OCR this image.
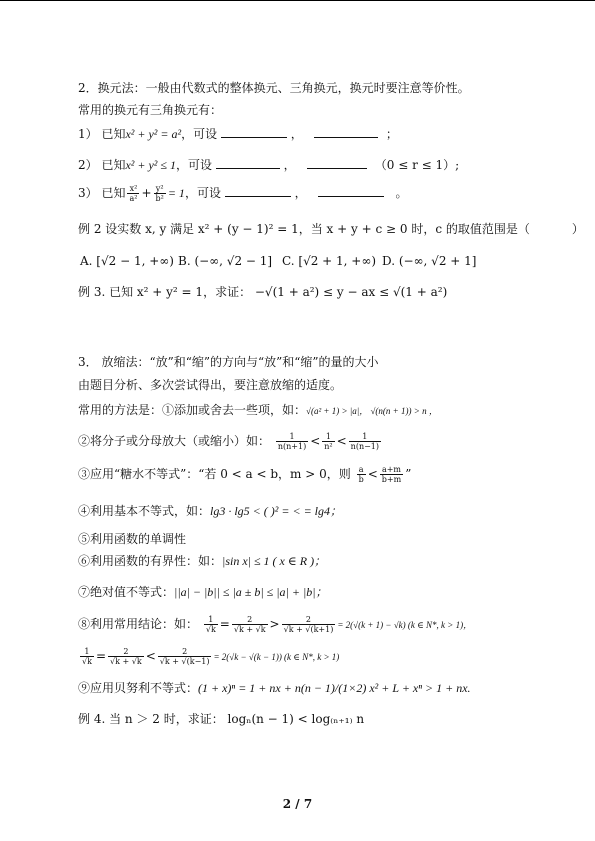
2．换元法：一般由代数式的整体换元、三角换元，换元时要注意等价性。
常用的换元有三角换元有：
1） 已知x² + y² = a²，可设	，	；
2） 已知x² + y² ≤ 1，可设	，	（0 ≤ r ≤ 1）;
3） 已知 $\frac{\text{x²}}{\text{a²}} + \frac{\text{y²}}{\text{b²}} = 1$，可设	，	。
例 2 设实数 x, y 满足 x² + (y − 1)² = 1，当 x + y + c ≥ 0 时，c 的取值范围是（	）
A. [√2 − 1, +∞) B. (−∞, √2 − 1] C. [√2 + 1, +∞) D. (−∞, √2 + 1]
例 3. 已知 x² + y² = 1，求证： −√(1 + a²) ≤ y − ax ≤ √(1 + a²)
3． 放缩法：“放”和“缩”的方向与“放”和“缩”的量的大小
由题目分析、多次尝试得出，要注意放缩的适度。
常用的方法是：①添加或舍去一些项，如：√(a² + 1) > |a|， √(n(n + 1)) > n ，
②将分子或分母放大（或缩小）如： $\frac{1}{n(n+1)} < \frac{1}{\text{n²}} < \frac{1}{n(n-1)}$
③应用“糖水不等式”：“若 0 < a < b，m > 0，则 $\frac{a}{b} < \frac{a+m}{b+m}$ ”
④利用基本不等式，如：lg3 · lg5 < ( )² = < = lg4；
⑤利用函数的单调性
⑥利用函数的有界性：如：|sin x| ≤ 1 ( x ∈ R )；
⑦绝对值不等式：||a| − |b|| ≤ |a ± b| ≤ |a| + |b|；
⑧利用常用结论：如： $\frac{1}{√k} = \frac{2}{√k + √k} > \frac{2}{√k + √(k+1)} = 2(√(k + 1) - √k)$ (k ∈ N*, k > 1)，
$\frac{1}{√k} = \frac{2}{√k + √k} < \frac{2}{√k + √(k-1)} = 2(√k - √(k - 1))$ (k ∈ N*, k > 1)
⑨应用贝努利不等式：(1 + x)ⁿ = 1 + nx + n(n − 1)/(1×2) x² + L + xⁿ > 1 + nx.
例 4. 当 n ＞ 2 时，求证： logₙ(n − 1) < log₍ₙ₊₁₎ n
2 / 7
